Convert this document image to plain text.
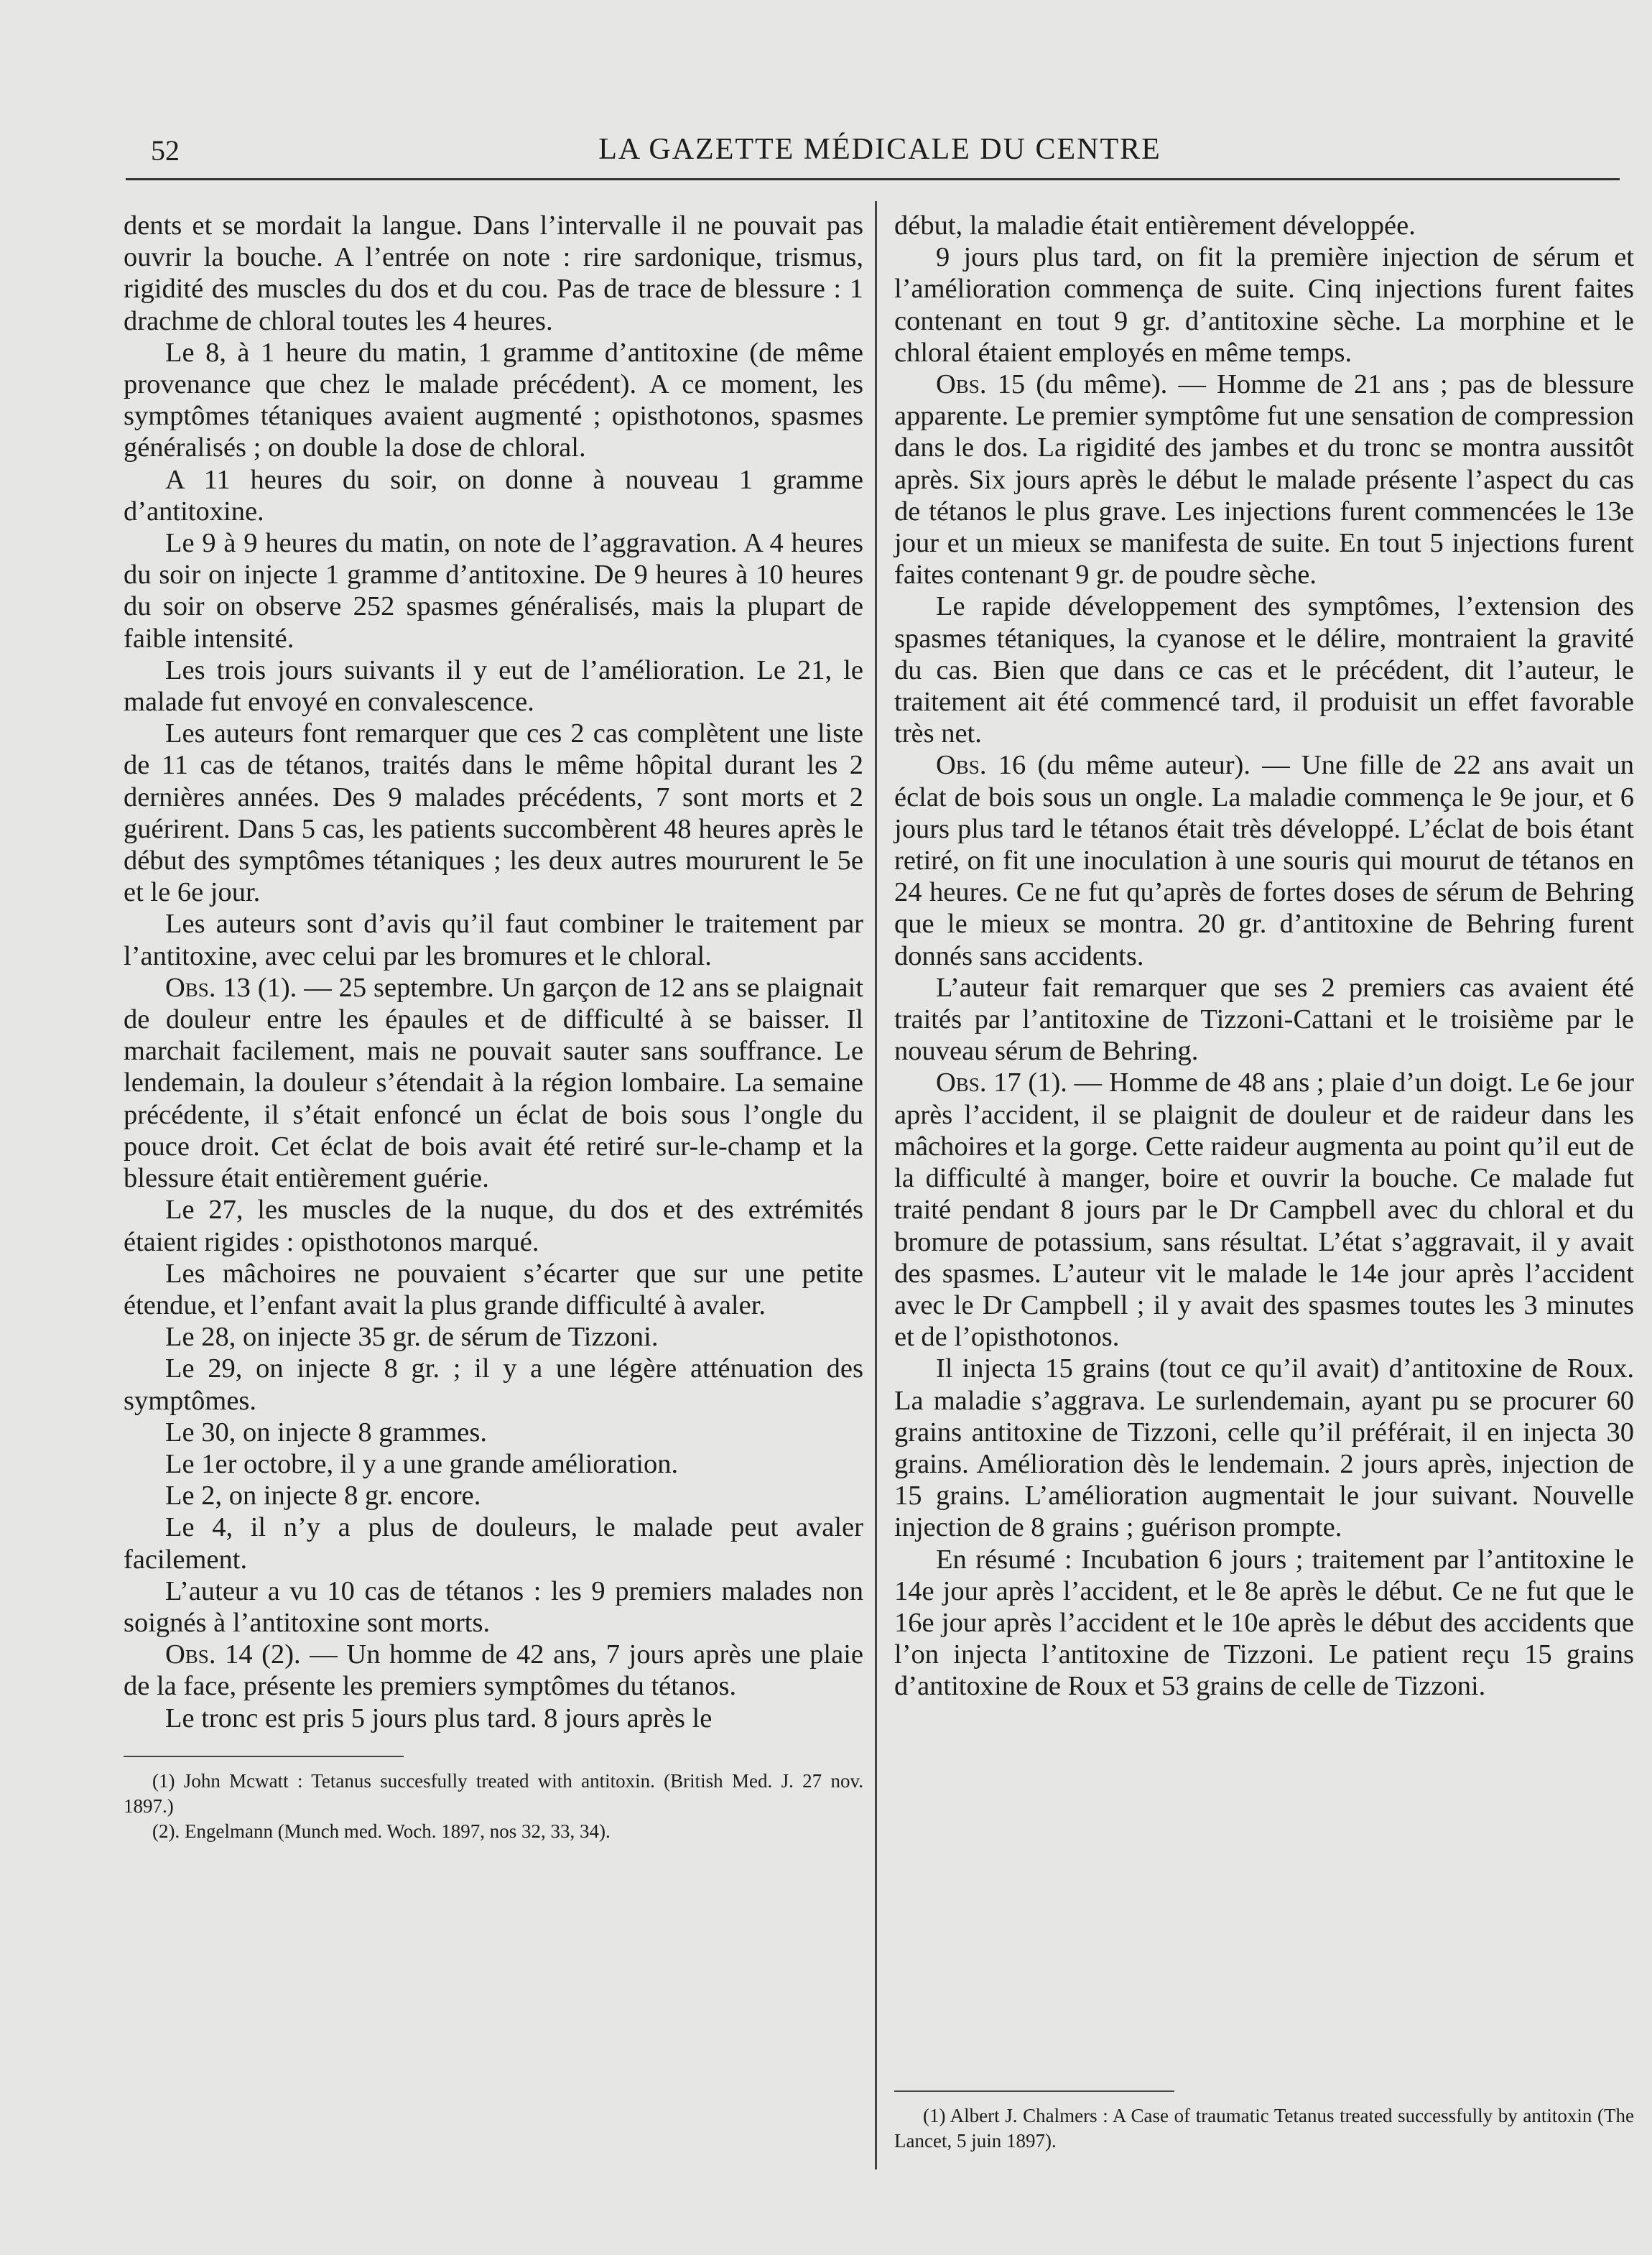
52	LA GAZETTE MÉDICALE DU CENTRE

dents et se mordait la langue. Dans l’intervalle il ne pouvait pas ouvrir la bouche. A l’entrée on note : rire sardonique, trismus, rigidité des muscles du dos et du cou. Pas de trace de blessure : 1 drachme de chloral toutes les 4 heures.

Le 8, à 1 heure du matin, 1 gramme d’antitoxine (de même provenance que chez le malade précédent). A ce moment, les symptômes tétaniques avaient augmenté ; opisthotonos, spasmes généralisés ; on double la dose de chloral.

A 11 heures du soir, on donne à nouveau 1 gramme d’antitoxine.

Le 9 à 9 heures du matin, on note de l’aggravation. A 4 heures du soir on injecte 1 gramme d’antitoxine. De 9 heures à 10 heures du soir on observe 252 spasmes généralisés, mais la plupart de faible intensité.

Les trois jours suivants il y eut de l’amélioration. Le 21, le malade fut envoyé en convalescence.

Les auteurs font remarquer que ces 2 cas complètent une liste de 11 cas de tétanos, traités dans le même hôpital durant les 2 dernières années. Des 9 malades précédents, 7 sont morts et 2 guérirent. Dans 5 cas, les patients succombèrent 48 heures après le début des symptômes tétaniques ; les deux autres moururent le 5e et le 6e jour.

Les auteurs sont d’avis qu’il faut combiner le traitement par l’antitoxine, avec celui par les bromures et le chloral.

Obs. 13 (1). — 25 septembre. Un garçon de 12 ans se plaignait de douleur entre les épaules et de difficulté à se baisser. Il marchait facilement, mais ne pouvait sauter sans souffrance. Le lendemain, la douleur s’étendait à la région lombaire. La semaine précédente, il s’était enfoncé un éclat de bois sous l’ongle du pouce droit. Cet éclat de bois avait été retiré sur-le-champ et la blessure était entièrement guérie.

Le 27, les muscles de la nuque, du dos et des extrémités étaient rigides : opisthotonos marqué.

Les mâchoires ne pouvaient s’écarter que sur une petite étendue, et l’enfant avait la plus grande difficulté à avaler.

Le 28, on injecte 35 gr. de sérum de Tizzoni.

Le 29, on injecte 8 gr. ; il y a une légère atténuation des symptômes.

Le 30, on injecte 8 grammes.

Le 1er octobre, il y a une grande amélioration.

Le 2, on injecte 8 gr. encore.

Le 4, il n’y a plus de douleurs, le malade peut avaler facilement.

L’auteur a vu 10 cas de tétanos : les 9 premiers malades non soignés à l’antitoxine sont morts.

Obs. 14 (2). — Un homme de 42 ans, 7 jours après une plaie de la face, présente les premiers symptômes du tétanos.

Le tronc est pris 5 jours plus tard. 8 jours après le

(1) John Mcwatt : Tetanus succesfully treated with antitoxin. (British Med. J. 27 nov. 1897.)

(2). Engelmann (Munch med. Woch. 1897, nos 32, 33, 34).

début, la maladie était entièrement développée.

9 jours plus tard, on fit la première injection de sérum et l’amélioration commença de suite. Cinq injections furent faites contenant en tout 9 gr. d’antitoxine sèche. La morphine et le chloral étaient employés en même temps.

Obs. 15 (du même). — Homme de 21 ans ; pas de blessure apparente. Le premier symptôme fut une sensation de compression dans le dos. La rigidité des jambes et du tronc se montra aussitôt après. Six jours après le début le malade présente l’aspect du cas de tétanos le plus grave. Les injections furent commencées le 13e jour et un mieux se manifesta de suite. En tout 5 injections furent faites contenant 9 gr. de poudre sèche.

Le rapide développement des symptômes, l’extension des spasmes tétaniques, la cyanose et le délire, montraient la gravité du cas. Bien que dans ce cas et le précédent, dit l’auteur, le traitement ait été commencé tard, il produisit un effet favorable très net.

Obs. 16 (du même auteur). — Une fille de 22 ans avait un éclat de bois sous un ongle. La maladie commença le 9e jour, et 6 jours plus tard le tétanos était très développé. L’éclat de bois étant retiré, on fit une inoculation à une souris qui mourut de tétanos en 24 heures. Ce ne fut qu’après de fortes doses de sérum de Behring que le mieux se montra. 20 gr. d’antitoxine de Behring furent donnés sans accidents.

L’auteur fait remarquer que ses 2 premiers cas avaient été traités par l’antitoxine de Tizzoni-Cattani et le troisième par le nouveau sérum de Behring.

Obs. 17 (1). — Homme de 48 ans ; plaie d’un doigt. Le 6e jour après l’accident, il se plaignit de douleur et de raideur dans les mâchoires et la gorge. Cette raideur augmenta au point qu’il eut de la difficulté à manger, boire et ouvrir la bouche. Ce malade fut traité pendant 8 jours par le Dr Campbell avec du chloral et du bromure de potassium, sans résultat. L’état s’aggravait, il y avait des spasmes. L’auteur vit le malade le 14e jour après l’accident avec le Dr Campbell ; il y avait des spasmes toutes les 3 minutes et de l’opisthotonos.

Il injecta 15 grains (tout ce qu’il avait) d’antitoxine de Roux. La maladie s’aggrava. Le surlendemain, ayant pu se procurer 60 grains antitoxine de Tizzoni, celle qu’il préférait, il en injecta 30 grains. Amélioration dès le lendemain. 2 jours après, injection de 15 grains. L’amélioration augmentait le jour suivant. Nouvelle injection de 8 grains ; guérison prompte.

En résumé : Incubation 6 jours ; traitement par l’antitoxine le 14e jour après l’accident, et le 8e après le début. Ce ne fut que le 16e jour après l’accident et le 10e après le début des accidents que l’on injecta l’antitoxine de Tizzoni. Le patient reçu 15 grains d’antitoxine de Roux et 53 grains de celle de Tizzoni.

(1) Albert J. Chalmers : A Case of traumatic Tetanus treated successfully by antitoxin (The Lancet, 5 juin 1897).
